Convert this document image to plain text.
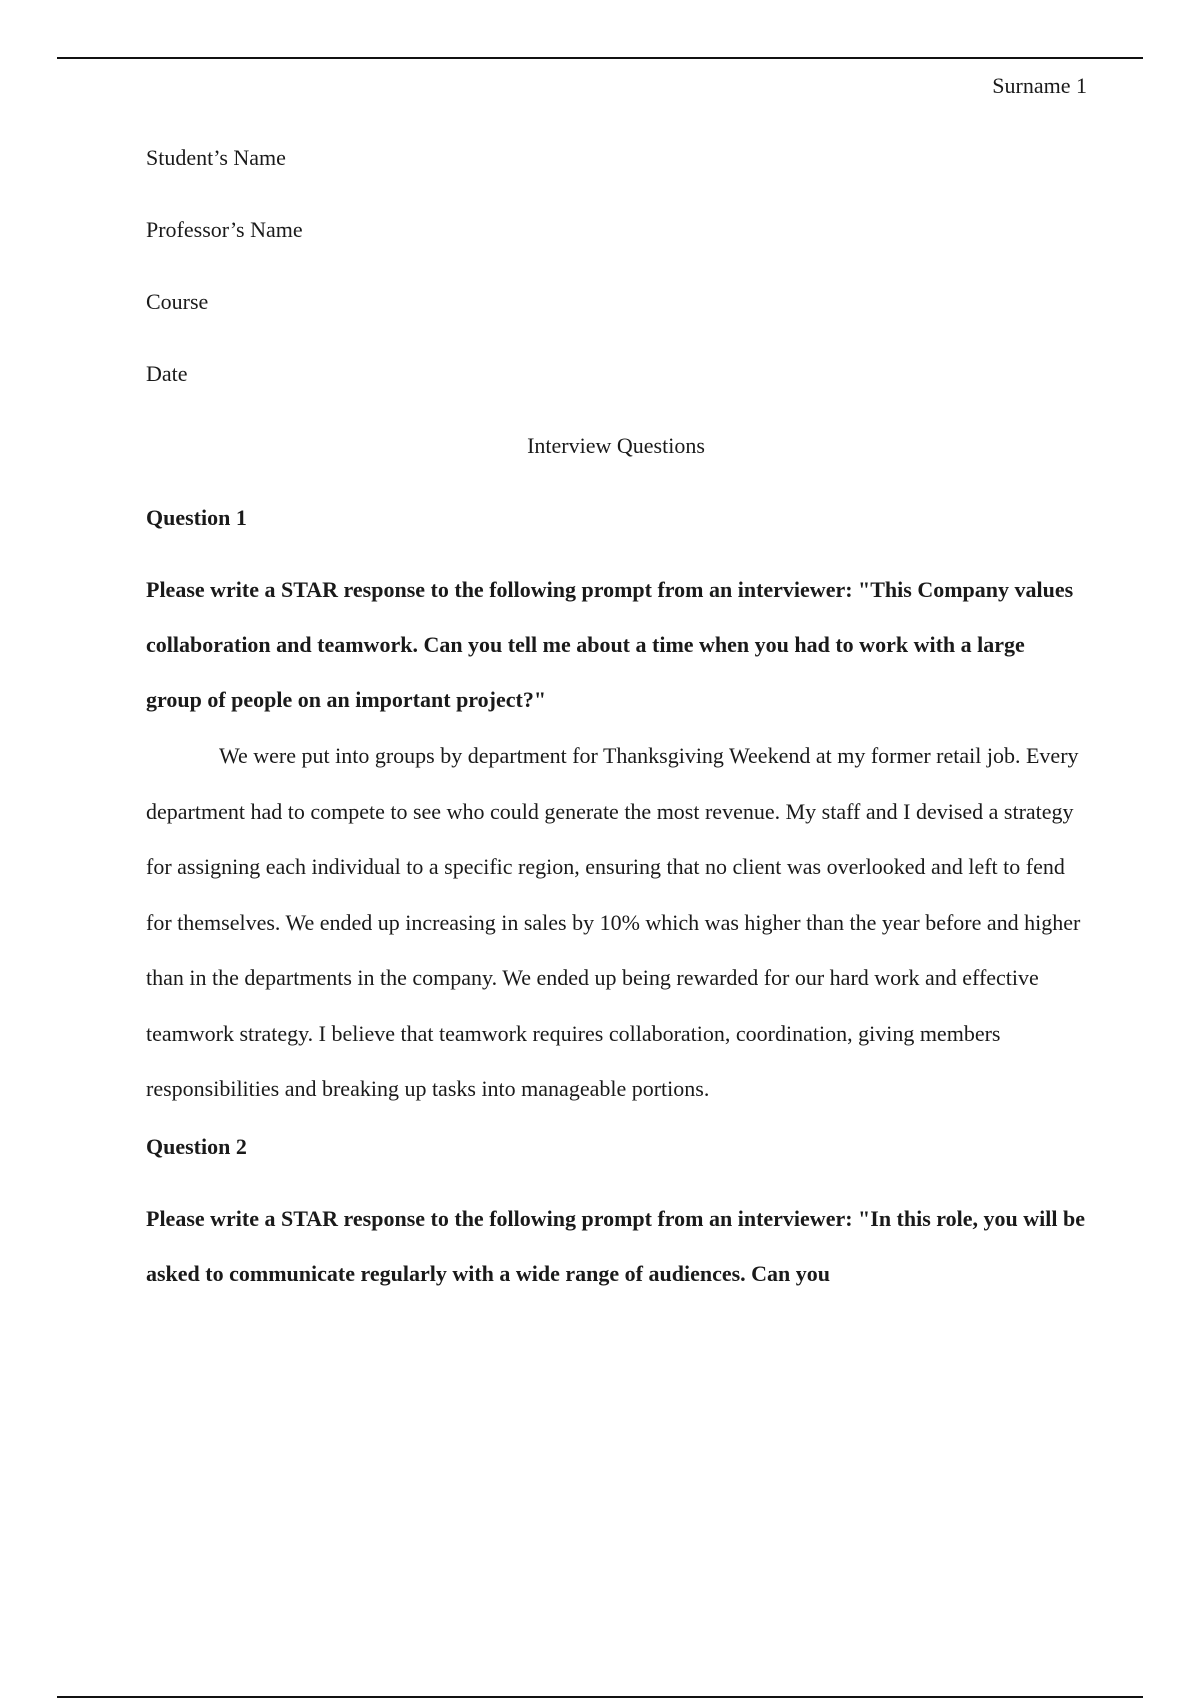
Surname 1

Student’s Name

Professor’s Name

Course

Date

Interview Questions

Question 1

Please write a STAR response to the following prompt from an interviewer: "This Company values collaboration and teamwork. Can you tell me about a time when you had to work with a large group of people on an important project?"

We were put into groups by department for Thanksgiving Weekend at my former retail job. Every department had to compete to see who could generate the most revenue. My staff and I devised a strategy for assigning each individual to a specific region, ensuring that no client was overlooked and left to fend for themselves. We ended up increasing in sales by 10% which was higher than the year before and higher than in the departments in the company. We ended up being rewarded for our hard work and effective teamwork strategy. I believe that teamwork requires collaboration, coordination, giving members responsibilities and breaking up tasks into manageable portions.

Question 2

Please write a STAR response to the following prompt from an interviewer: "In this role, you will be asked to communicate regularly with a wide range of audiences. Can you
